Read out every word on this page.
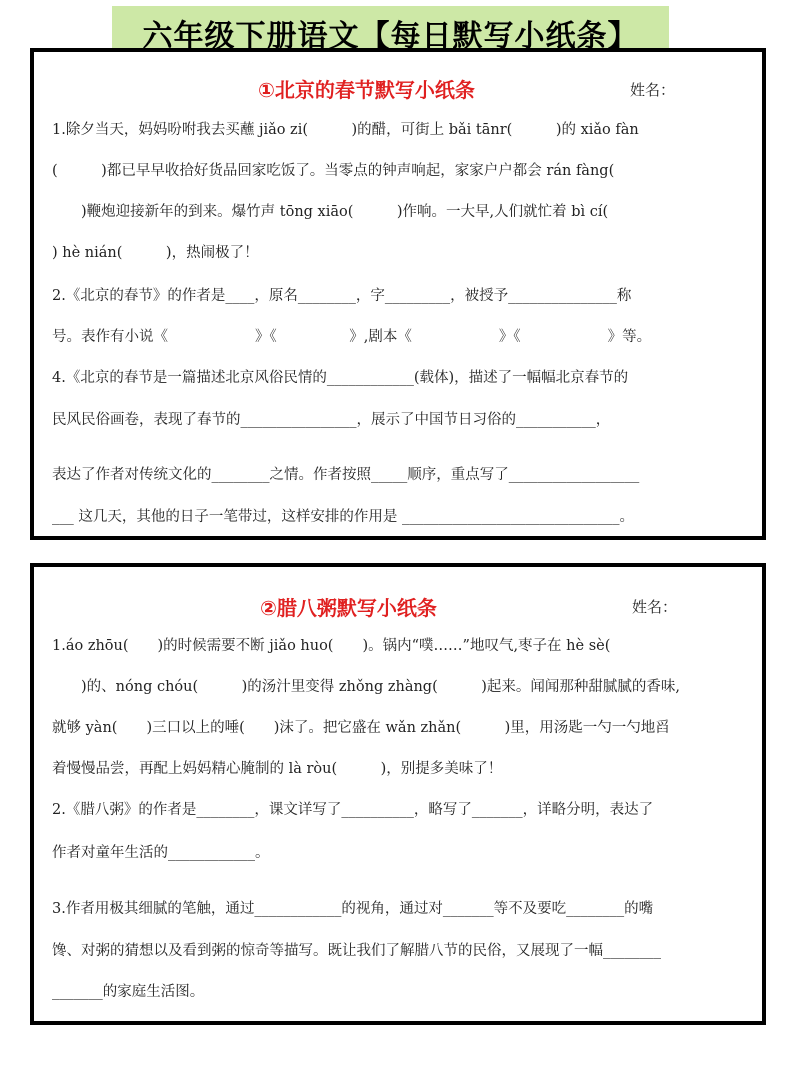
六年级下册语文【每日默写小纸条】
①北京的春节默写小纸条	姓名：
1.除夕当天，妈妈吩咐我去买蘸 jiǎo zi(　　　)的醋，可街上 bǎi tānr(　　　)的 xiǎo fàn
(　　　)都已早早收拾好货品回家吃饭了。当零点的钟声响起，家家户户都会 rán fàng(
　　)鞭炮迎接新年的到来。爆竹声 tōng xiāo(　　　)作响。一大早,人们就忙着 bì cí(
) hè nián(　　　)，热闹极了！
2.《北京的春节》的作者是____，原名________，字_________，被授予_______________称
号。表作有小说《　　　　　　》《　　　　　》,剧本《　　　　　　》《　　　　　　》等。
4.《北京的春节是一篇描述北京风俗民情的____________(载体)，描述了一幅幅北京春节的
民风民俗画卷，表现了春节的________________，展示了中国节日习俗的___________，
表达了作者对传统文化的________之情。作者按照_____顺序，重点写了__________________
___ 这几天，其他的日子一笔带过，这样安排的作用是 ______________________________。
②腊八粥默写小纸条	姓名：
1.áo zhōu(　　)的时候需要不断 jiǎo huo(　　)。锅内“噗……”地叹气,枣子在 hè sè(
　　)的、nóng chóu(　　　)的汤汁里变得 zhǒng zhàng(　　　)起来。闻闻那种甜腻腻的香味,
就够 yàn(　　)三口以上的唾(　　)沫了。把它盛在 wǎn zhǎn(　　　)里，用汤匙一勺一勺地舀
着慢慢品尝，再配上妈妈精心腌制的 là ròu(　　　)，别提多美味了！
2.《腊八粥》的作者是________，课文详写了__________，略写了_______，详略分明，表达了
作者对童年生活的____________。
3.作者用极其细腻的笔触，通过____________的视角，通过对_______等不及要吃________的嘴
馋、对粥的猜想以及看到粥的惊奇等描写。既让我们了解腊八节的民俗，又展现了一幅________
_______的家庭生活图。
